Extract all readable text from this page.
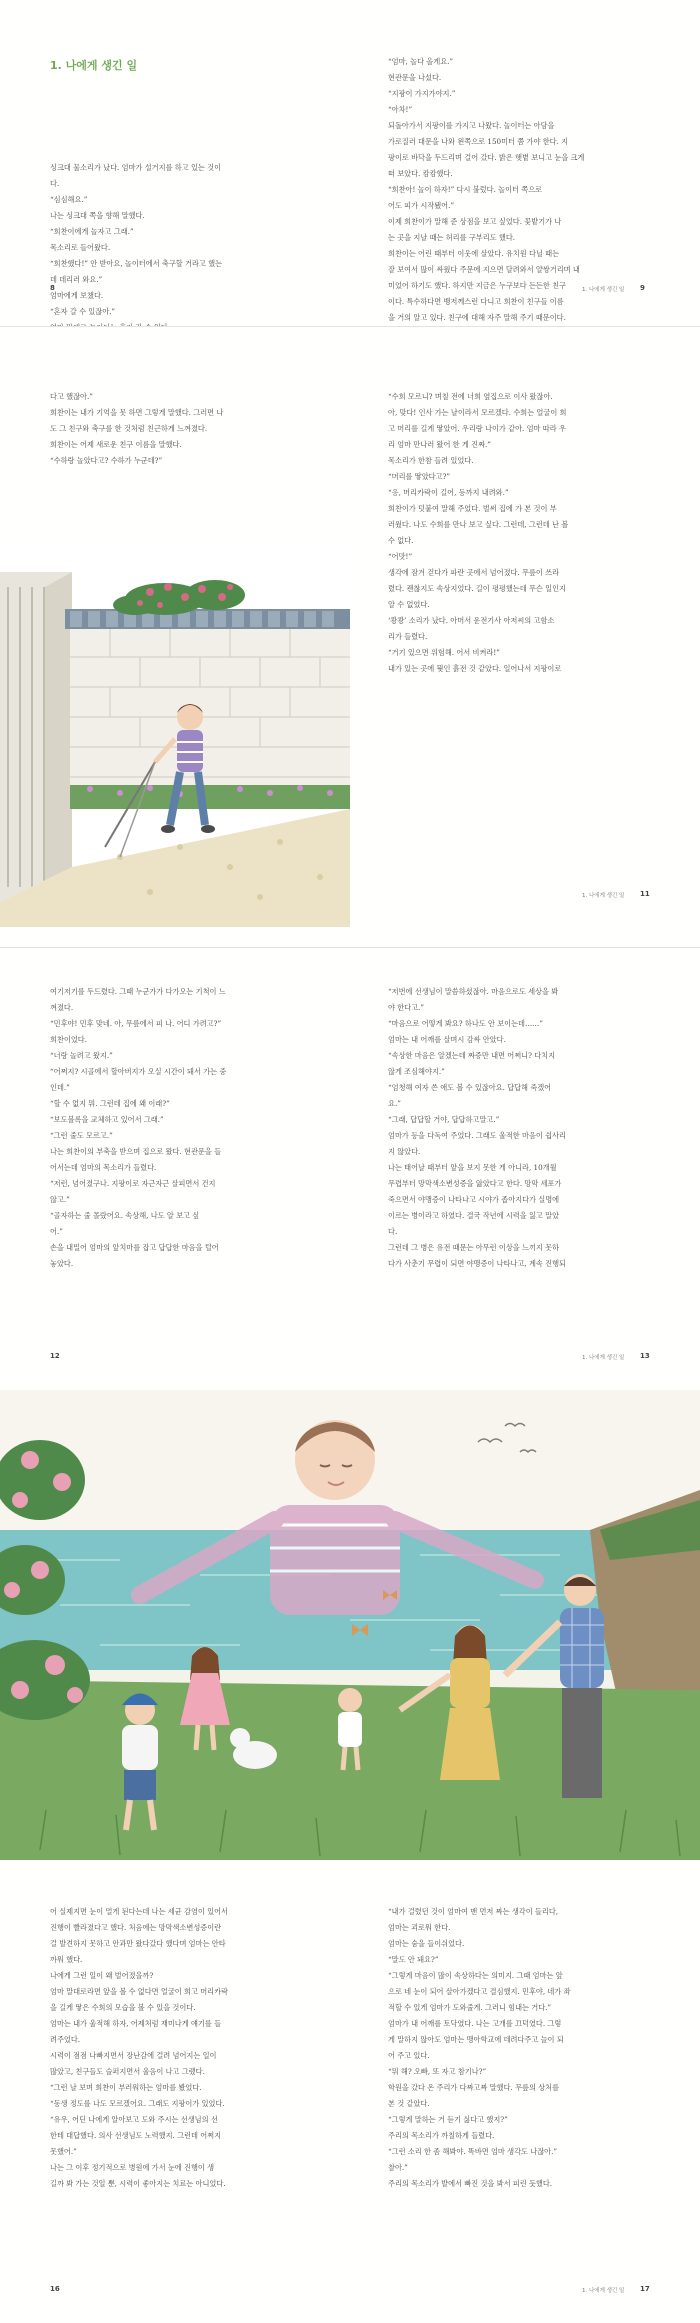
1. 나에게 생긴 일

싱크대 물소리가 났다. 엄마가 설거지를 하고 있는 것이

다.

“심심해요.”

나는 싱크대 쪽을 향해 말했다.

“희찬이에게 놀자고 그래.”

목소리로 들어왔다.

“희찬했다!” 안 받아요, 놀이터에서 축구할 거라고 했는

데 데리러 와요.”

엄마에게 보챘다.

“혼자 갈 수 있잖아.”

“엄마, 놀다 올게요.”

현관문을 나섰다.

“지팡이 가지가야지.”

“아차!”

되돌아가서 지팡이를 가지고 나왔다. 놀이터는 아담을

가로질러 대문을 나와 왼쪽으로 150미터 쯤 가야 한다. 지

팡이로 바닥을 두드리며 걸어 갔다. 밝은 햇볕 보니고 눈을 크게

떠 보았다. 캄캄했다.

“희찬아! 놀이 하자!” 다시 불렀다. 놀이터 쪽으로

어도 피가 시작됐어.”

이제 희찬이가 말해 준 상점을 보고 싶었다. 꽃밭기가 나

는 곳을 지날 때는 허리를 구부리도 했다.

희찬이는 어린 때부터 이웃에 살았다. 유치원 다닐 때는

잘 보여서 많이 싸웠다 주문에 지으면 달려와서 얄쌍거리며 내

미었어 하기도 했다. 하지만 지금은 누구보다 든든한 친구

이다. 특수하다면 뱅저께스런 다니고 희찬이 친구들 이름

을 거의 알고 있다. 친구에 대해 자주 말해 주기 때문이다.

8	1. 나에게 생긴 일 9

다고 했잖아.”

희찬이는 내가 기억을 못 하면 그렇게 말했다. 그러면 나

도 그 친구와 축구를 한 것처럼 친근하게 느껴졌다.

희찬이는 어제 새로운 친구 이름을 말했다.

“수하랑 놀았다고? 수하가 누군데?”

“수희 모르니? 며칠 전에 너희 옆집으로 이사 왔잖아.

아, 맞다! 인사 가는 날이라서 모르겠다. 수희는 얼굴이 희

고 머리를 길게 땋았어. 우리랑 나이가 같아. 엄마 따라 우

리 엄마 만나러 왔어 한 게 진짜.”

목소리가 한참 들려 있었다.

“머리를 땋았다고?”

“응, 머리카락이 길어, 등까지 내려와.”

희찬이가 덧붙여 말해 주었다. 벌써 집에 가 본 것이 부

러웠다. 나도 수희를 만나 보고 싶다. 그런데, 그런데 난 볼

수 없다.

“어맛!”

생각에 잠겨 걷다가 파란 곳에서 넘어졌다. 무릎이 쓰라

렸다. 괜찮지도 속상지었다. 길이 평평했는데 무슨 일인지

알 수 없었다.

‘쾅쾅’ 소리가 났다. 아머서 운전기사 아저씨의 고함소

리가 들렸다.

“거기 있으면 위험해. 어서 비켜라!”

내가 있는 곳에 뭣인 흙전 것 같았다. 일어나서 지팡이로

1. 나에게 생긴 일 11

여기저기를 두드렸다. 그때 누군가가 다가오는 기척이 느

껴졌다.

“민후야! 민후 맞네. 아, 무릎에서 피 나. 어디 가려고?”

희찬이었다.

“너랑 놀려고 왔지.”

“어쩌지? 시골에서 할아버지가 오실 시간이 돼서 가는 중

인데.”

“할 수 없지 뭐. 그런데 집에 왜 이래?”

“보도블록을 교체하고 있어서 그래.”

“그런 줄도 모르고.”

나는 희찬이의 부축을 받으며 집으로 왔다. 현관문을 들

어서는데 엄마의 목소리가 들렸다.

“저런, 넘어졌구나. 지팡이로 자근자근 살피면서 건지

않고.”

“골자하는 줄 몰랐어요. 속상해, 나도 알 보고 싶

어.”

손을 내밀어 엄마의 앞치마를 잡고 답답한 마음을 털어

놓았다.

“저번에 선생님이 말씀하셨잖아. 마음으로도 세상을 봐

야 한다고.”

“마음으로 어떻게 봐요? 하나도 안 보이는데……”

엄마는 내 어깨를 살며시 감싸 안았다.

“속상한 마음은 알겠는데 짜증만 내면 어쩌니? 다치지

않게 조심해야지.”

“엄청해 여자 쓴 애도 볼 수 있잖아요. 답답해 죽겠어

요.”

“그래, 답답할 거야, 답답하고말고.”

엄마가 등을 다독여 주었다. 그래도 울적한 마음이 쉽사리

지 않았다.

나는 태어날 때부터 앞을 보지 못한 게 아니라, 10개월

무렵부터 망막색소변성증을 앓았다고 한다. 망막 세포가

죽으면서 야맹증이 나타나고 시야가 좁아지다가 실명에

이르는 병이라고 하였다. 결국 작년에 시력을 잃고 말았

다.

그런데 그 병은 유전 때문는 아무런 이상을 느끼지 못하

다가 사춘기 무렵이 되면 야맹증이 나타나고, 계속 진행되

12	1. 나에게 생긴 일 13

어 실제지면 눈이 멀게 된다는데 나는 세균 감염이 있어서

진행이 빨라졌다고 했다. 처음에는 망막색소변성증이란

걸 발견하지 못하고 안과만 왔다갔다 했다며 엄마는 안타

까워 했다.

나에게 그런 일이 왜 벌어졌을까?

엄마 말대로라면 앞을 볼 수 없다면 얼굴이 희고 머리카락

을 길게 땋은 수희의 모습을 볼 수 있을 것이다.

엄마는 내가 울적해 하자, 어제처럼 재미나게 얘기를 들

려주었다.

시력이 점점 나빠지면서 장난감에 걸려 넘어지는 일이

많았고, 친구들도 슬퍼지면서 울음이 나고 그랬다.

“그런 날 보며 희찬이 부러워하는 엄마를 봤었다.

“동생 정도를 나도 모르겠어요. 그래도 지팡이가 있었다.

“유우, 어딘 나에게 알아보고 도와 주시는 선생님의 선

한테 대답했다. 의사 선생님도 노력했지. 그런데 어쩌지

못했어.”

나는 그 이후 정기적으로 병원에 가서 눈에 진행이 생

길까 봐 가는 것일 뿐, 시력이 좋아지는 치료는 아니었다.

“내가 걸렸던 것이 엄마여 맨 먼저 짜는 생각이 들리다,

엄마는 괴로워 한다.

엄마는 숨을 들이쉬었다.

“말도 안 돼요?”

“그렇게 마음이 많이 속상하다는 의미지. 그때 엄마는 앞

으로 네 눈이 되어 살아가겠다고 결심했지. 민후야, 네가 좌

적할 수 있게 엄마가 도와줄게. 그러니 힘내는 거다.”

엄마가 내 어깨를 토닥였다. 나는 고개를 끄덕였다. 그렇

게 말하지 않아도 엄마는 맹아학교에 데려다주고 늘이 되

어 주고 있다.

“뭐 해? 오빠, 또 자고 참기나?”

학원을 갔다 온 주리가 다짜고짜 말했다. 무릎의 상처를

본 것 같았다.

“그렇게 말하는 거 듣기 싫다고 했지?”

주리의 목소리가 까칠하게 들렸다.

“그런 소리 한 좀 해봐야. 똑바면 엄마 생각도 나잖아.”

찰아.”

주리의 목소리가 발에서 빠진 것을 봐서 피린 듯했다.

16	1. 나에게 생긴 일 17
